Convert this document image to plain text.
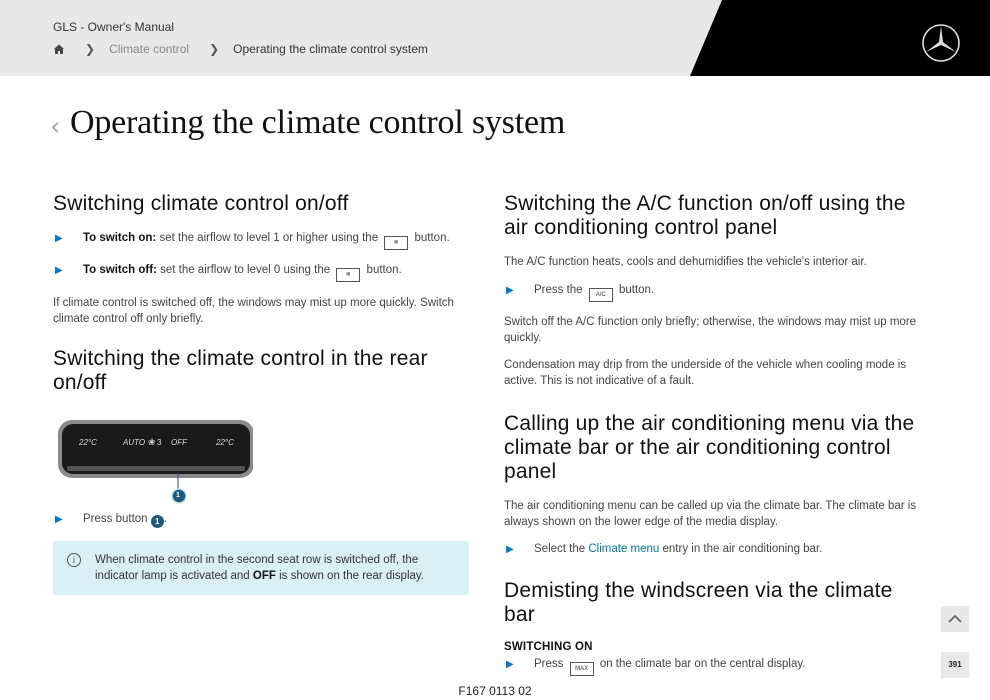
GLS - Owner's Manual
❯ Climate control ❯ Operating the climate control system
‹ Operating the climate control system
Switching climate control on/off
▶	To switch on: set the airflow to level 1 or higher using the	❄ button.
▶	To switch off: set the airflow to level 0 using the	❄ button.

If climate control is switched off, the windows may mist up more quickly. Switch climate control off only briefly.

Switching the climate control in the rear on/off
22°C	AUTO ❀ 3 OFF	22°C
1
▶	Press button 1 .
i	When climate control in the second seat row is switched off, the indicator lamp is activated and OFF is shown on the rear display.
Switching the A/C function on/off using the air conditioning control panel

The A/C function heats, cools and dehumidifies the vehicle's interior air.

▶	Press the A/C button.

Switch off the A/C function only briefly; otherwise, the windows may mist up more quickly.

Condensation may drip from the underside of the vehicle when cooling mode is active. This is not indicative of a fault.

Calling up the air conditioning menu via the climate bar or the air conditioning control panel

The air conditioning menu can be called up via the climate bar. The climate bar is always shown on the lower edge of the media display.

▶	Select the Climate menu entry in the air conditioning bar.
Demisting the windscreen via the climate bar
SWITCHING ON
▶	Press MAX on the climate bar on the central display.	391
F167 0113 02
